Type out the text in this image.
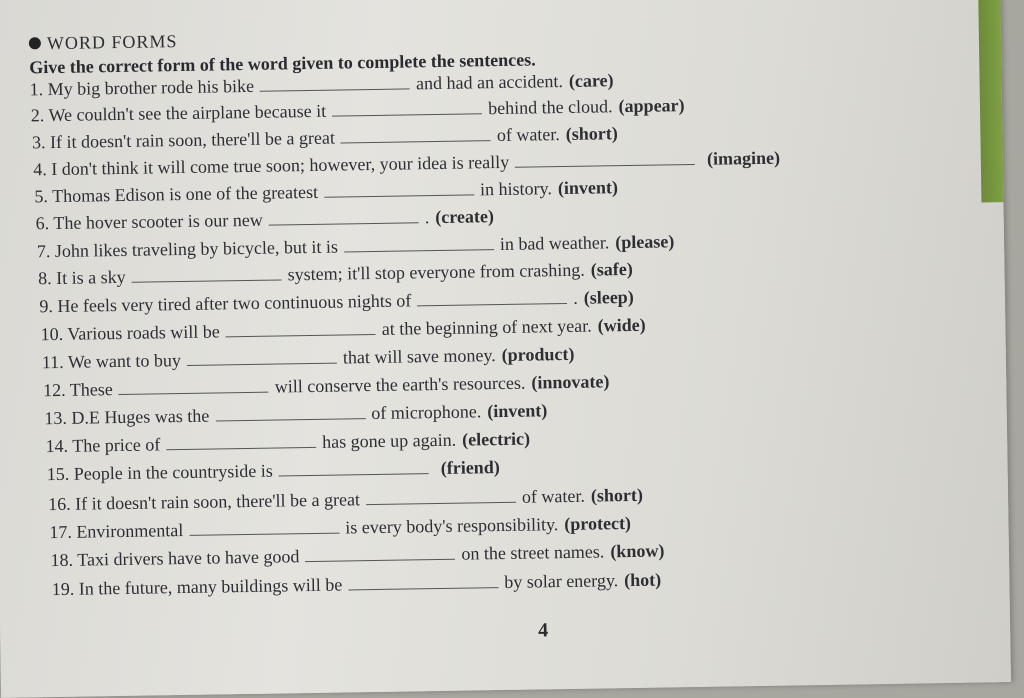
WORD FORMS
Give the correct form of the word given to complete the sentences.
1. My big brother rode his bike	and had an accident. (care)
2. We couldn't see the airplane because it	behind the cloud. (appear)
3. If it doesn't rain soon, there'll be a great	of water. (short)
4. I don't think it will come true soon; however, your idea is really	(imagine)
5. Thomas Edison is one of the greatest	in history. (invent)
6. The hover scooter is our new	. (create)
7. John likes traveling by bicycle, but it is	in bad weather. (please)
8. It is a sky	system; it'll stop everyone from crashing. (safe)
9. He feels very tired after two continuous nights of	. (sleep)
10. Various roads will be	at the beginning of next year. (wide)
11. We want to buy	that will save money. (product)
12. These	will conserve the earth's resources. (innovate)
13. D.E Huges was the	of microphone. (invent)
14. The price of	has gone up again. (electric)
15. People in the countryside is	(friend)
16. If it doesn't rain soon, there'll be a great	of water. (short)
17. Environmental	is every body's responsibility. (protect)
18. Taxi drivers have to have good	on the street names. (know)
19. In the future, many buildings will be	by solar energy. (hot)
4
